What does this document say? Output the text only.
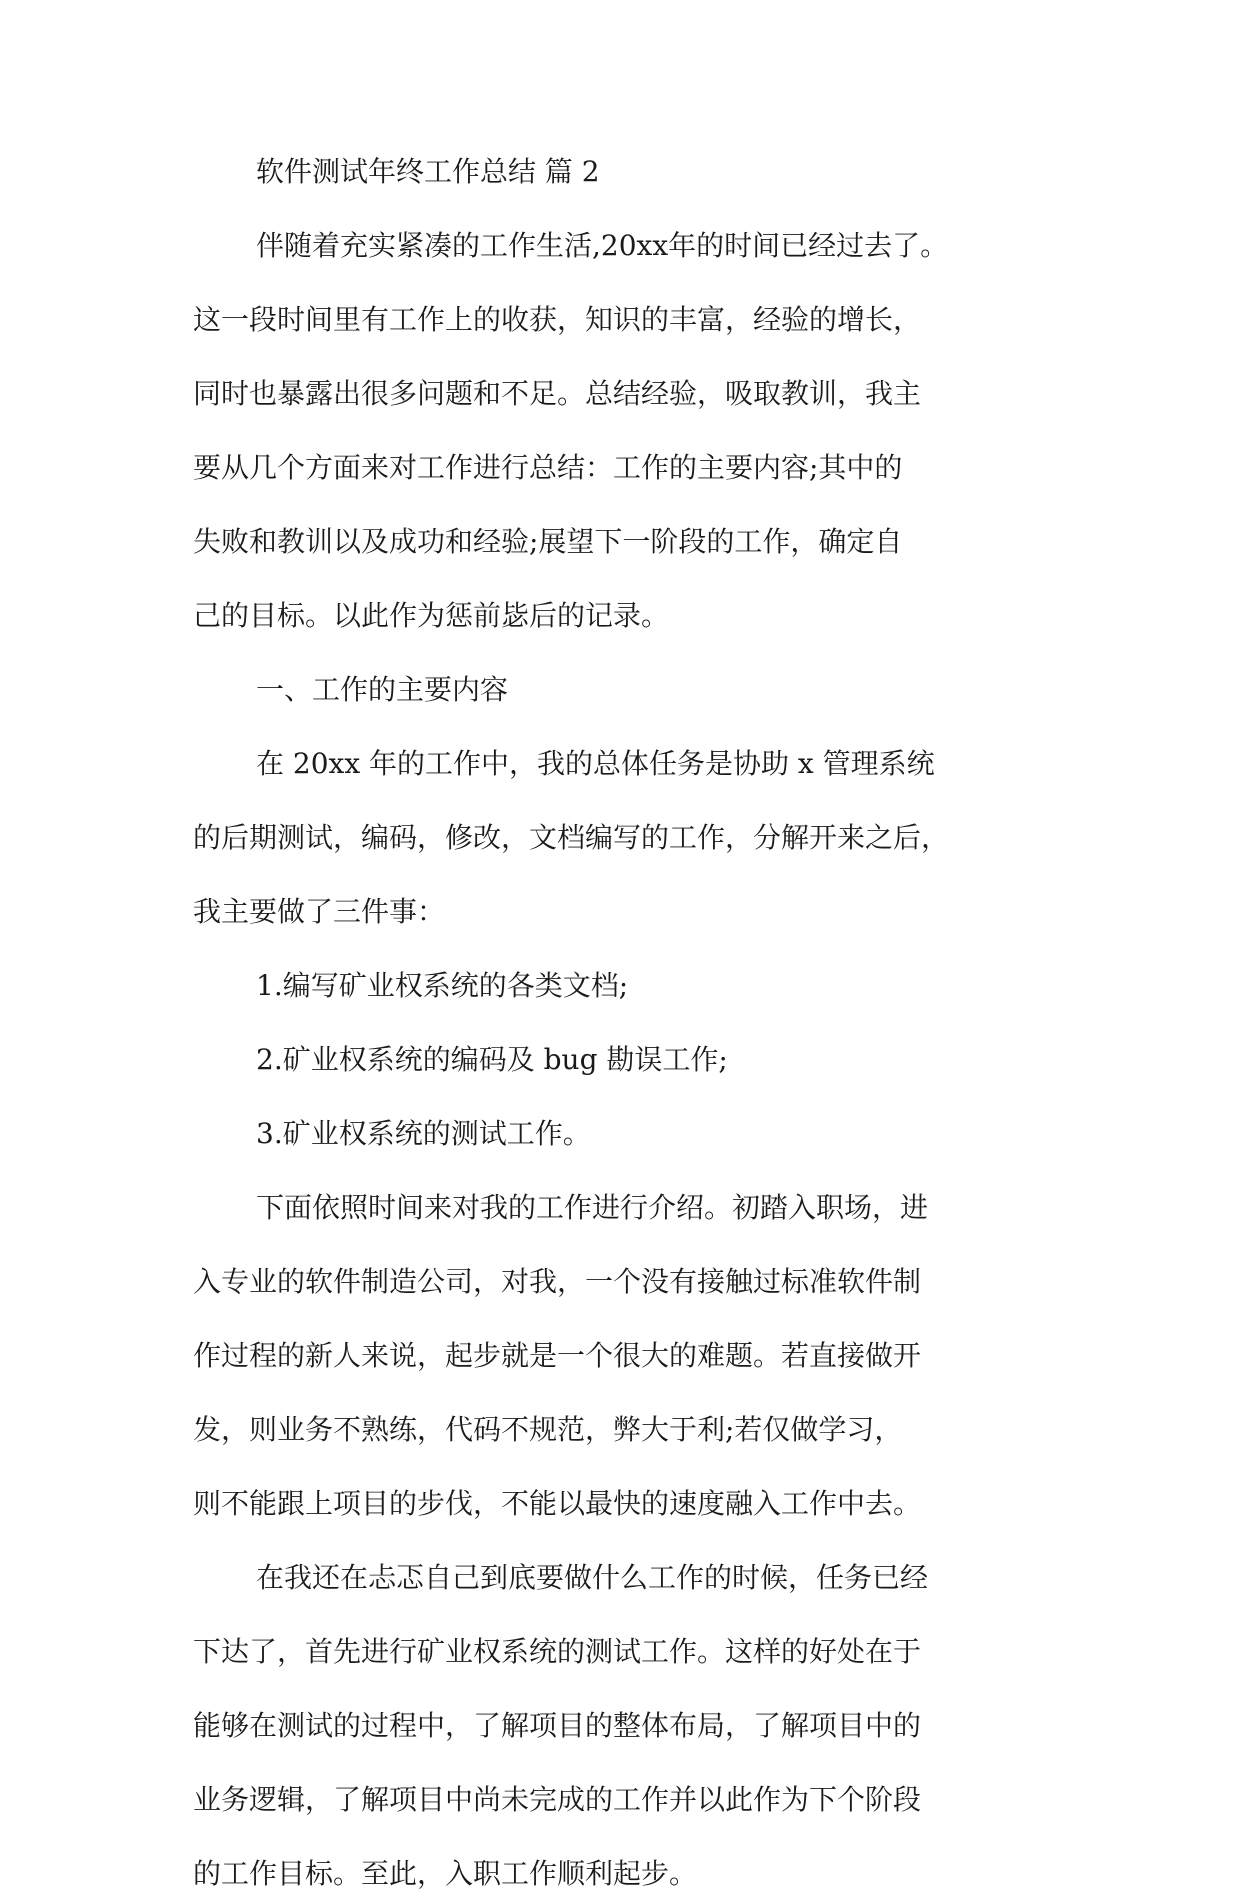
软件测试年终工作总结 篇 2
伴随着充实紧凑的工作生活,20xx年的时间已经过去了。
这一段时间里有工作上的收获，知识的丰富，经验的增长，
同时也暴露出很多问题和不足。总结经验，吸取教训，我主
要从几个方面来对工作进行总结：工作的主要内容;其中的
失败和教训以及成功和经验;展望下一阶段的工作，确定自
己的目标。以此作为惩前毖后的记录。
一、工作的主要内容
在 20xx 年的工作中，我的总体任务是协助 x 管理系统
的后期测试，编码，修改，文档编写的工作，分解开来之后，
我主要做了三件事：
1.编写矿业权系统的各类文档;
2.矿业权系统的编码及 bug 勘误工作;
3.矿业权系统的测试工作。
下面依照时间来对我的工作进行介绍。初踏入职场，进
入专业的软件制造公司，对我，一个没有接触过标准软件制
作过程的新人来说，起步就是一个很大的难题。若直接做开
发，则业务不熟练，代码不规范，弊大于利;若仅做学习，
则不能跟上项目的步伐，不能以最快的速度融入工作中去。
在我还在忐忑自己到底要做什么工作的时候，任务已经
下达了，首先进行矿业权系统的测试工作。这样的好处在于
能够在测试的过程中，了解项目的整体布局，了解项目中的
业务逻辑，了解项目中尚未完成的工作并以此作为下个阶段
的工作目标。至此，入职工作顺利起步。
